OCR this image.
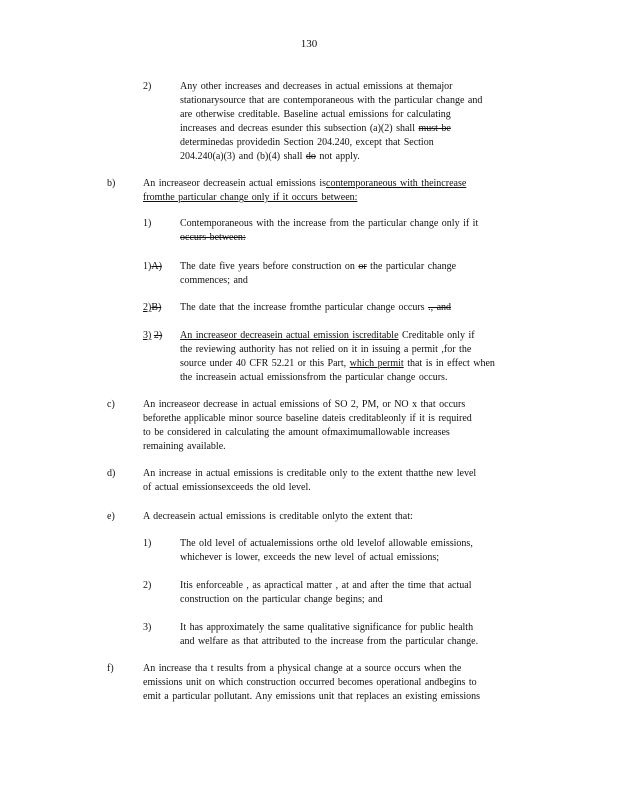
130
2)	Any other increases and decreases in actual emissions at themajor
stationarysource that are contemporaneous with the particular change and
are otherwise creditable. Baseline actual emissions for calculating
increases and decreas esunder this subsection (a)(2) shall must be
determinedas providedin Section 204.240, except that Section
204.240(a)(3) and (b)(4) shall do not apply.
b)	An increaseor decreasein actual emissions iscontemporaneous with theincrease
fromthe particular change only if it occurs between:
1)	Contemporaneous with the increase from the particular change only if it
occurs between:
1)A) The date five years before construction on or the particular change
commences; and
2)B) The date that the increase fromthe particular change occurs ., and
3) 2) An increaseor decreasein actual emission iscreditable Creditable only if
the reviewing authority has not relied on it in issuing a permit ,for the
source under 40 CFR 52.21 or this Part, which permit that is in effect when
the increasein actual emissionsfrom the particular change occurs.
c)	An increaseor decrease in actual emissions of SO 2, PM, or NO x that occurs
beforethe applicable minor source baseline dateis creditableonly if it is required
to be considered in calculating the amount ofmaximumallowable increases
remaining available.
d)	An increase in actual emissions is creditable only to the extent thatthe new level
of actual emissionsexceeds the old level.
e)	A decreasein actual emissions is creditable onlyto the extent that:
1)	The old level of actualemissions orthe old levelof allowable emissions,
whichever is lower, exceeds the new level of actual emissions;
2)	Itis enforceable , as apractical matter , at and after the time that actual
construction on the particular change begins; and
3)	It has approximately the same qualitative significance for public health
and welfare as that attributed to the increase from the particular change.
f)	An increase tha t results from a physical change at a source occurs when the
emissions unit on which construction occurred becomes operational andbegins to
emit a particular pollutant. Any emissions unit that replaces an existing emissions
